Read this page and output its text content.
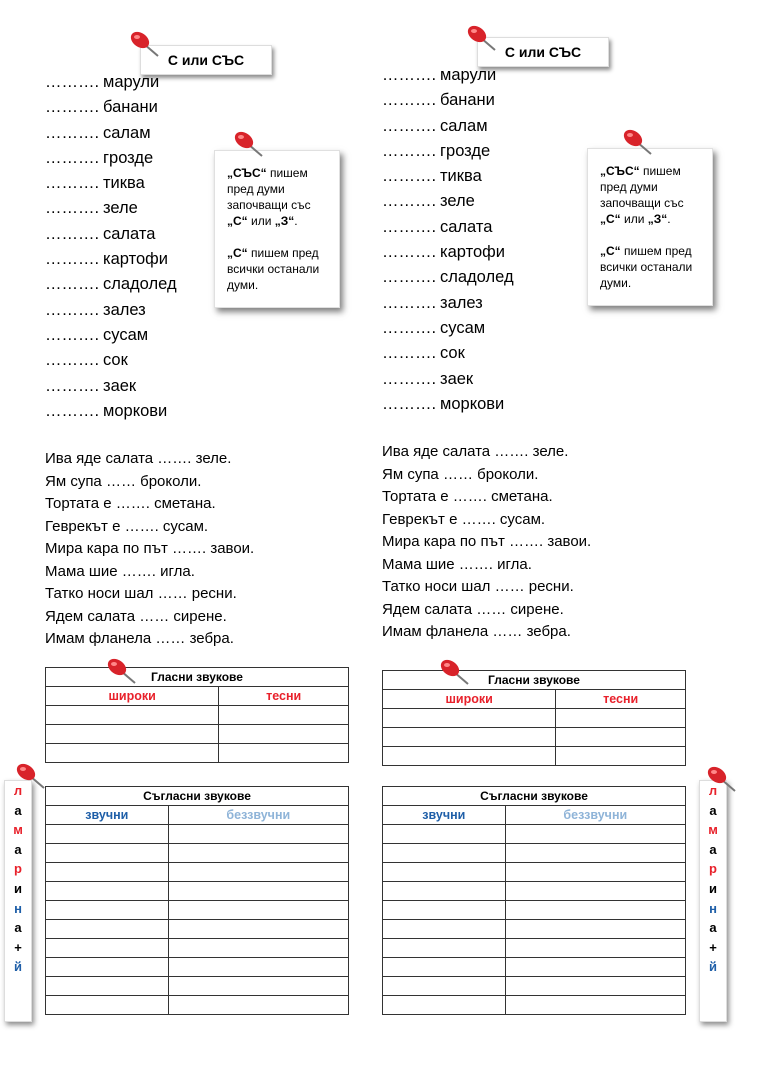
С или СЪС
………. марули
………. банани
………. салам
………. грозде
………. тиква
………. зеле
………. салата
………. картофи
………. сладолед
………. залез
………. сусам
………. сок
………. заек
………. моркови

„СЪС“ пишем пред думи започващи със „С“ или „З“.

„С“ пишем пред всички останали думи.

Ива яде салата ……. зеле.
Ям супа …… броколи.
Тортата е ……. сметана.
Геврекът е ……. сусам.
Мира кара по път ……. завои.
Мама шие ……. игла.
Татко носи шал …… ресни.
Ядем салата …… сирене.
Имам фланела …… зебра.
Гласни звукове	
широки	тесни

Съгласни звукове	
звучни	беззвучни

л
а
м
а
р
и
н
а
+
й
С или СЪС
………. марули
………. банани
………. салам
………. грозде
………. тиква
………. зеле
………. салата
………. картофи
………. сладолед
………. залез
………. сусам
………. сок
………. заек
………. моркови

„СЪС“ пишем пред думи започващи със „С“ или „З“.

„С“ пишем пред всички останали думи.

Ива яде салата ……. зеле.
Ям супа …… броколи.
Тортата е ……. сметана.
Геврекът е ……. сусам.
Мира кара по път ……. завои.
Мама шие ……. игла.
Татко носи шал …… ресни.
Ядем салата …… сирене.
Имам фланела …… зебра.
Гласни звукове	
широки	тесни

Съгласни звукове	
звучни	беззвучни

л
а
м
а
р
и
н
а
+
й
